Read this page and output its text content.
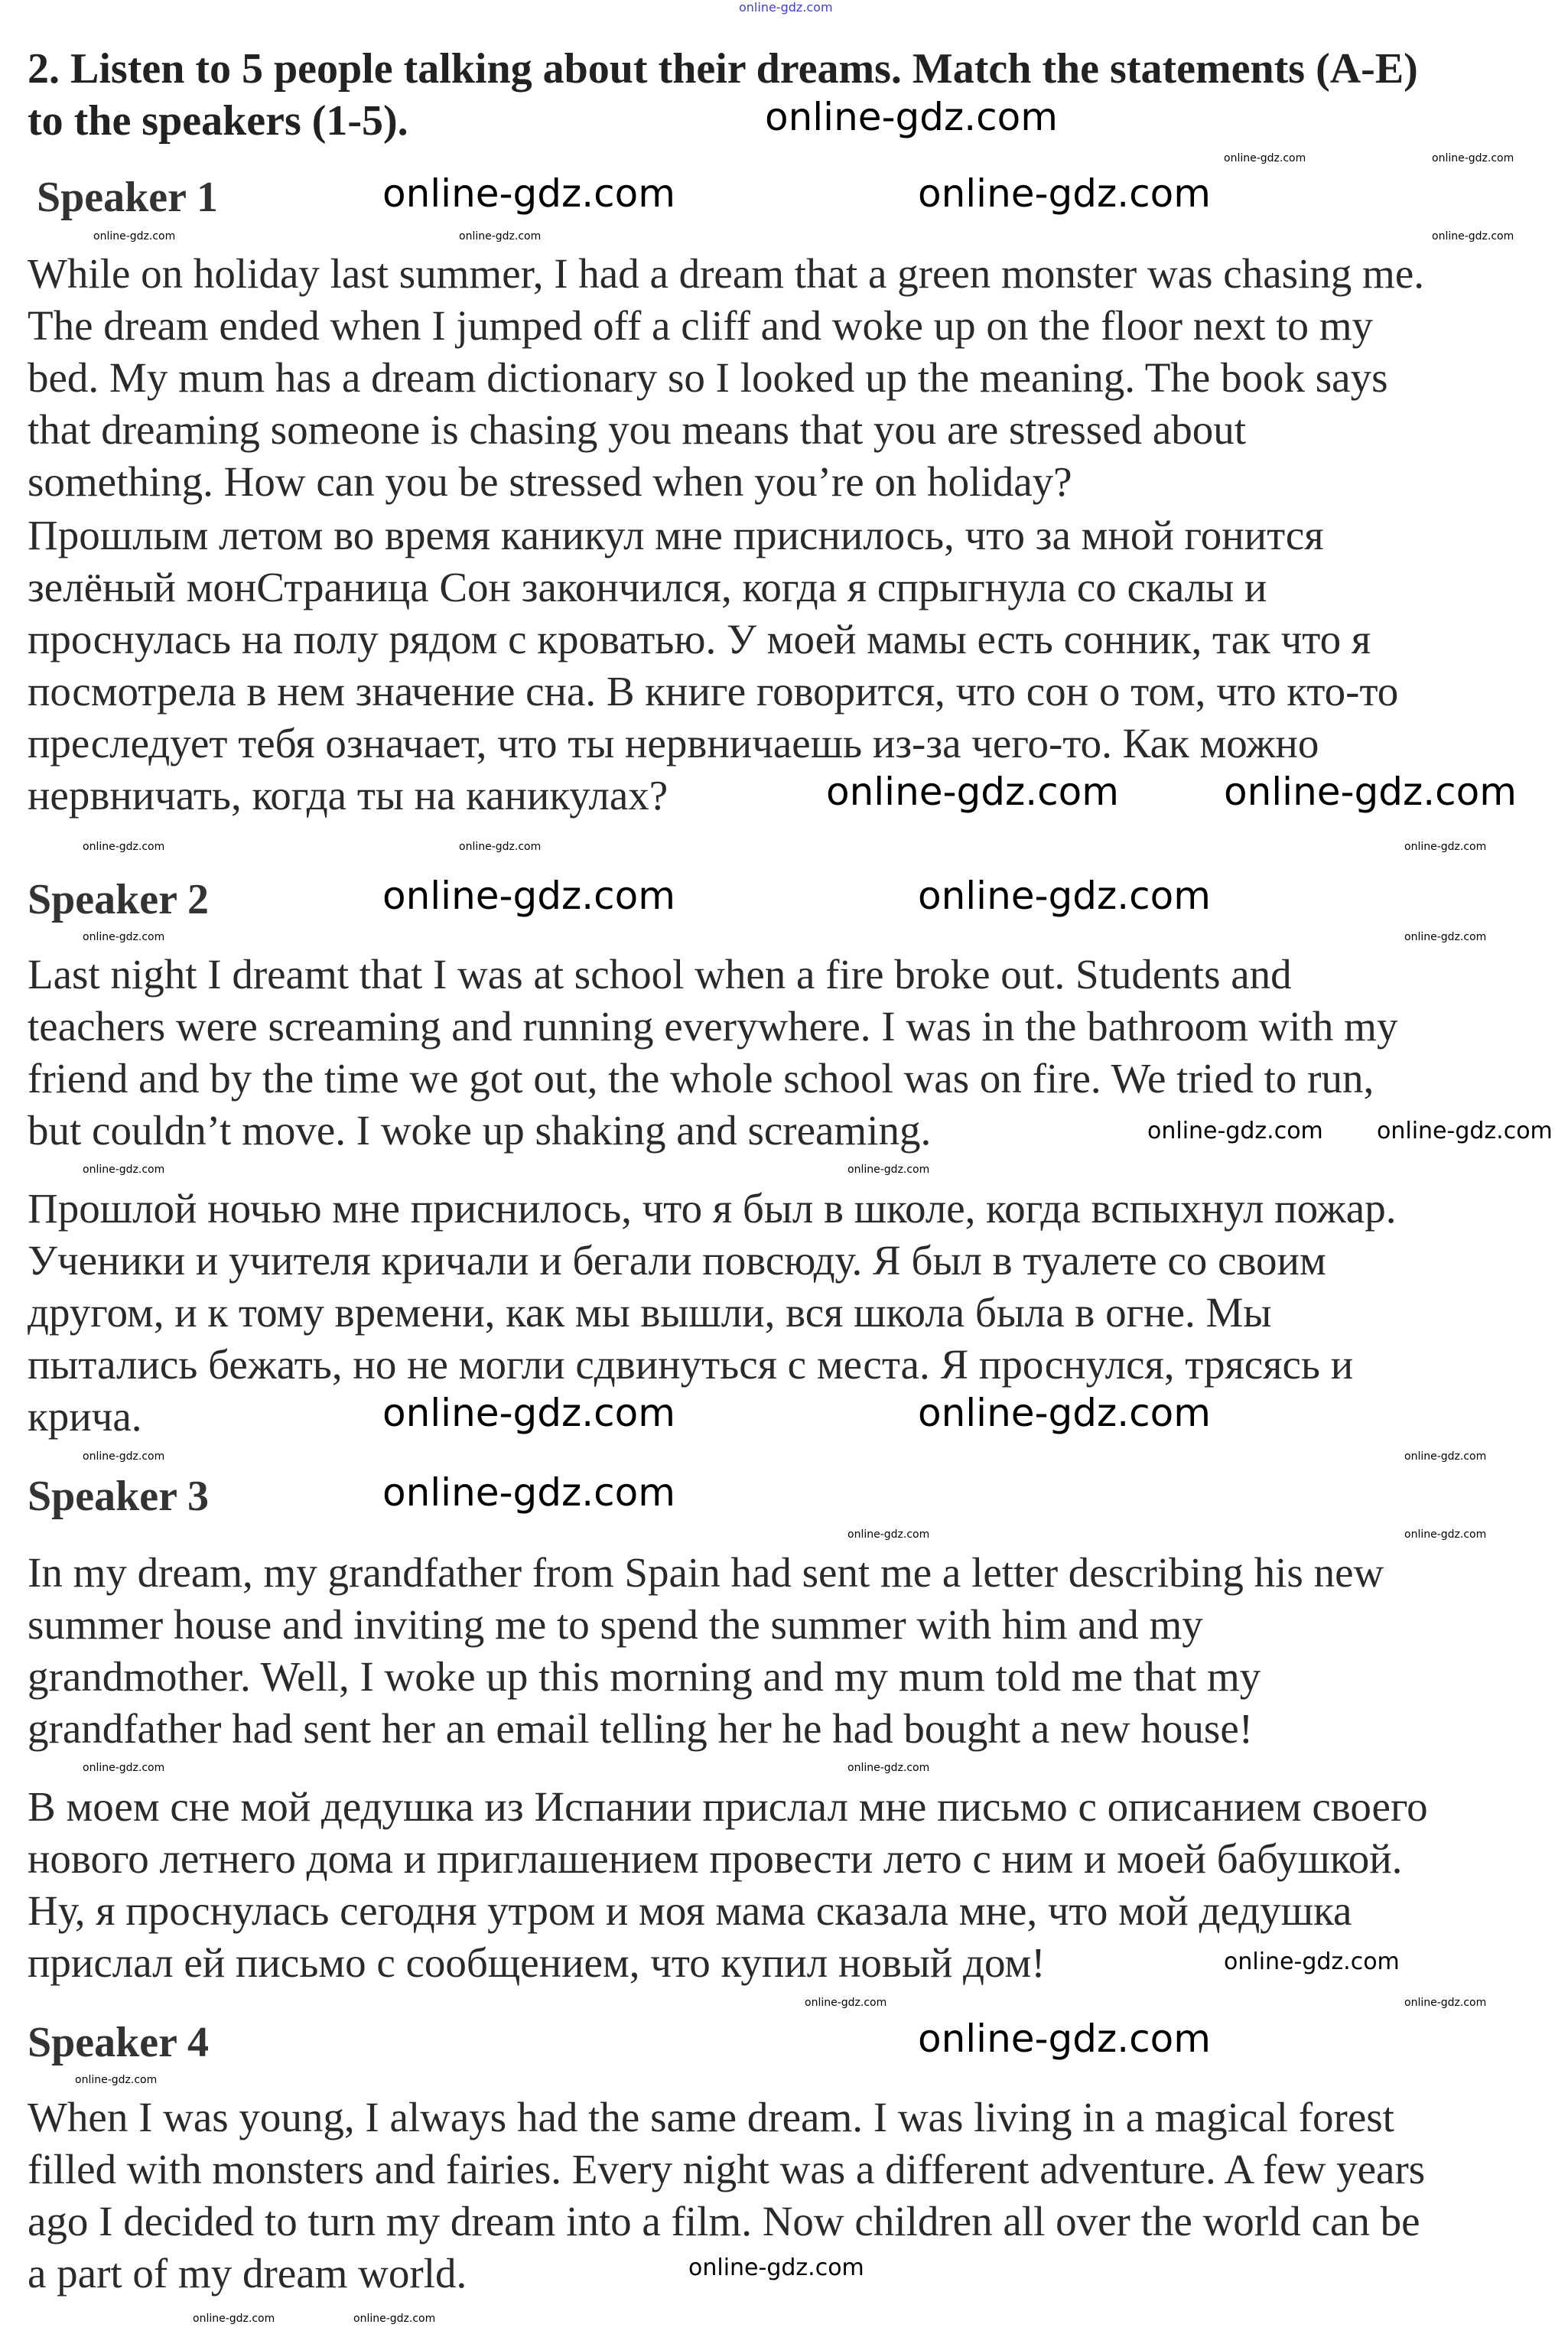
2. Listen to 5 people talking about their dreams. Match the statements (A-E)
to the speakers (1-5).
Speaker 1
While on holiday last summer, I had a dream that a green monster was chasing me.
The dream ended when I jumped off a cliff and woke up on the floor next to my
bed. My mum has a dream dictionary so I looked up the meaning. The book says
that dreaming someone is chasing you means that you are stressed about
something. How can you be stressed when you’re on holiday?
Прошлым летом во время каникул мне приснилось, что за мной гонится
зелёный монСтраница Сон закончился, когда я спрыгнула со скалы и
проснулась на полу рядом с кроватью. У моей мамы есть сонник, так что я
посмотрела в нем значение сна. В книге говорится, что сон о том, что кто-то
преследует тебя означает, что ты нервничаешь из-за чего-то. Как можно
нервничать, когда ты на каникулах?
Speaker 2
Last night I dreamt that I was at school when a fire broke out. Students and
teachers were screaming and running everywhere. I was in the bathroom with my
friend and by the time we got out, the whole school was on fire. We tried to run,
but couldn’t move. I woke up shaking and screaming.
Прошлой ночью мне приснилось, что я был в школе, когда вспыхнул пожар.
Ученики и учителя кричали и бегали повсюду. Я был в туалете со своим
другом, и к тому времени, как мы вышли, вся школа была в огне. Мы
пытались бежать, но не могли сдвинуться с места. Я проснулся, трясясь и
крича.
Speaker 3
In my dream, my grandfather from Spain had sent me a letter describing his new
summer house and inviting me to spend the summer with him and my
grandmother. Well, I woke up this morning and my mum told me that my
grandfather had sent her an email telling her he had bought a new house!
В моем сне мой дедушка из Испании прислал мне письмо с описанием своего
нового летнего дома и приглашением провести лето с ним и моей бабушкой.
Ну, я проснулась сегодня утром и моя мама сказала мне, что мой дедушка
прислал ей письмо с сообщением, что купил новый дом!
Speaker 4
When I was young, I always had the same dream. I was living in a magical forest
filled with monsters and fairies. Every night was a different adventure. A few years
ago I decided to turn my dream into a film. Now children all over the world can be
a part of my dream world.
online-gdz.com
online-gdz.com
online-gdz.com	online-gdz.com
online-gdz.com	online-gdz.com
online-gdz.com	online-gdz.com
online-gdz.com	online-gdz.com
online-gdz.com
online-gdz.com
online-gdz.com online-gdz.com
online-gdz.com
online-gdz.com
online-gdz.com	online-gdz.com
online-gdz.com	online-gdz.com	online-gdz.com
online-gdz.com	online-gdz.com	online-gdz.com
online-gdz.com	online-gdz.com
online-gdz.com	online-gdz.com
online-gdz.com	online-gdz.com
online-gdz.com	online-gdz.com
online-gdz.com	online-gdz.com
online-gdz.com	online-gdz.com
online-gdz.com
online-gdz.com	online-gdz.com
